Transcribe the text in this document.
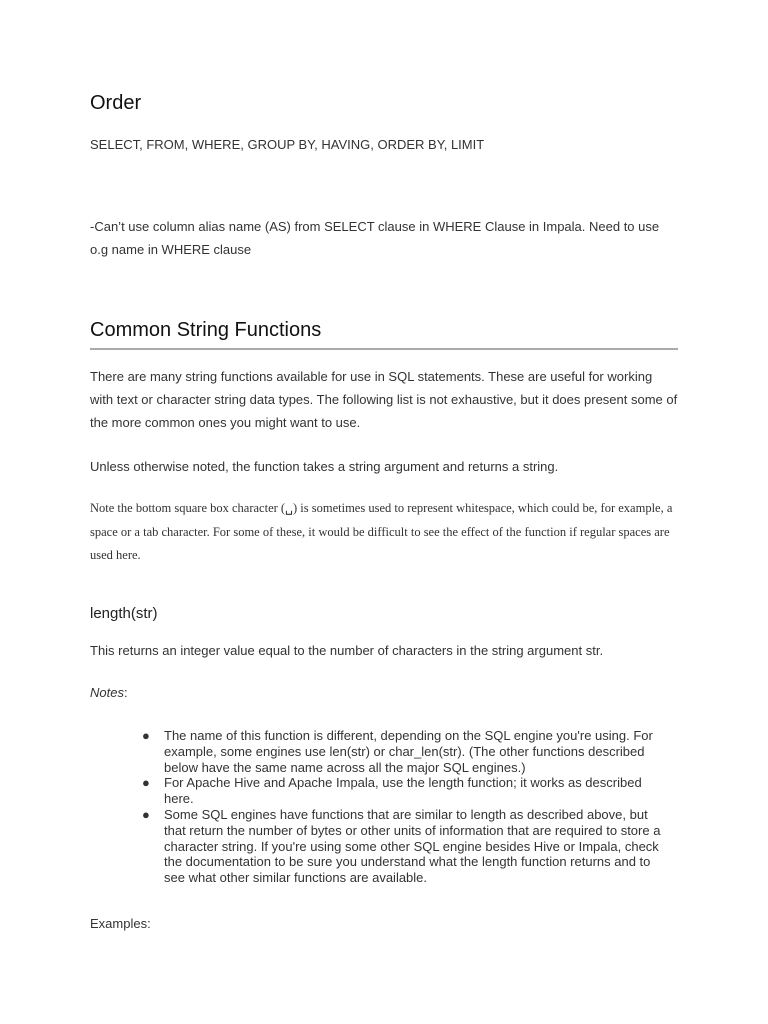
Order

SELECT, FROM, WHERE, GROUP BY, HAVING, ORDER BY, LIMIT

-Can’t use column alias name (AS) from SELECT clause in WHERE Clause in Impala. Need to use o.g name in WHERE clause

Common String Functions

There are many string functions available for use in SQL statements. These are useful for working with text or character string data types. The following list is not exhaustive, but it does present some of the more common ones you might want to use.

Unless otherwise noted, the function takes a string argument and returns a string.

Note the bottom square box character (␣) is sometimes used to represent whitespace, which could be, for example, a space or a tab character. For some of these, it would be difficult to see the effect of the function if regular spaces are used here.

length(str)

This returns an integer value equal to the number of characters in the string argument str.

Notes:

● The name of this function is different, depending on the SQL engine you're using. For example, some engines use len(str) or char_len(str). (The other functions described below have the same name across all the major SQL engines.)
● For Apache Hive and Apache Impala, use the length function; it works as described here.
● Some SQL engines have functions that are similar to length as described above, but that return the number of bytes or other units of information that are required to store a character string. If you're using some other SQL engine besides Hive or Impala, check the documentation to be sure you understand what the length function returns and to see what other similar functions are available.

Examples:
